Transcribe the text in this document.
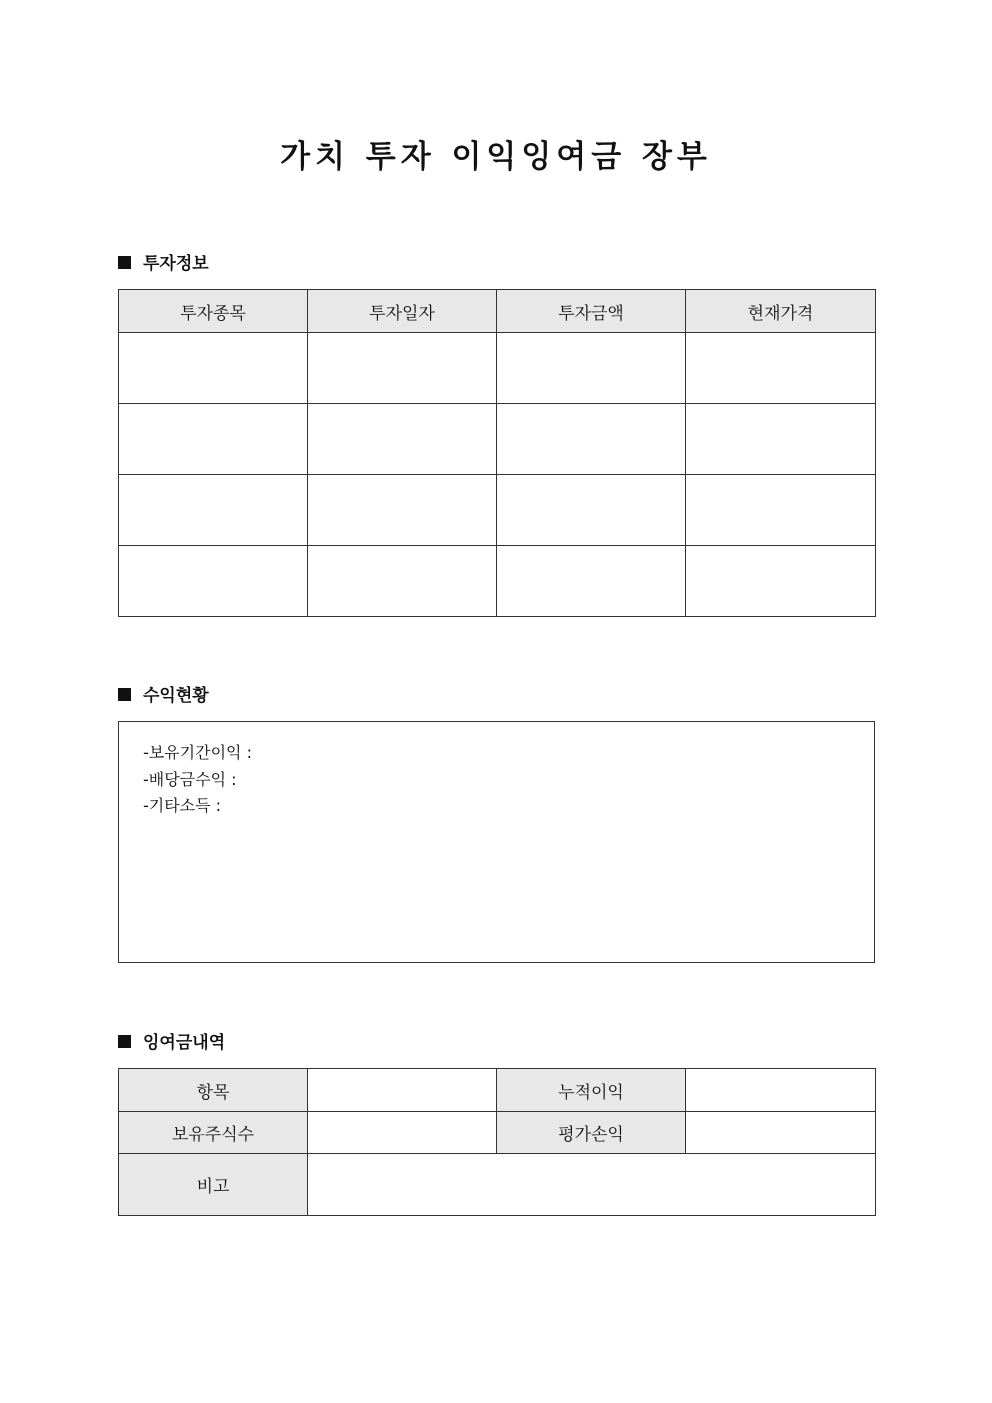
가치 투자 이익잉여금 장부
투자정보
투자종목	투자일자	투자금액	현재가격

수익현황
-보유기간이익 :
-배당금수익 :
-기타소득 :
잉여금내역
항목		누적이익	
보유주식수		평가손익	
비고			
